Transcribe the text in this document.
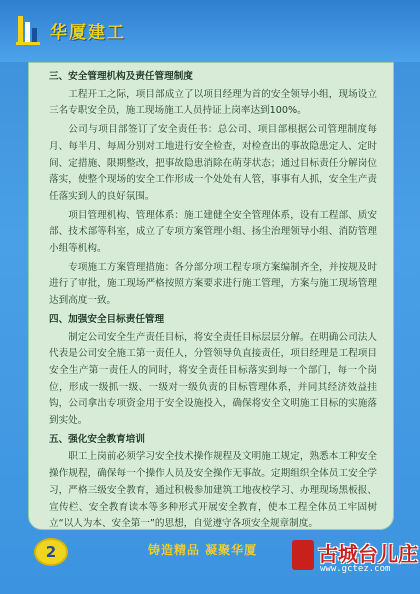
华厦建工
三、安全管理机构及责任管理制度

工程开工之际，项目部成立了以项目经理为首的安全领导小组，现场设立三名专职安全员，施工现场施工人员持证上岗率达到100%。

公司与项目部签订了安全责任书：总公司、项目部根据公司管理制度每月、每半月、每周分别对工地进行安全检查，对检查出的事故隐患定人、定时间、定措施、限期整改，把事故隐患消除在萌芽状态；通过目标责任分解岗位落实，使整个现场的安全工作形成一个处处有人管，事事有人抓，安全生产责任落实到人的良好氛围。

项目管理机构、管理体系：施工建健全安全管理体系，设有工程部、质安部、技术部等科室，成立了专项方案管理小组、扬尘治理领导小组、消防管理小组等机构。

专项施工方案管理措施：各分部分项工程专项方案编制齐全，并按规及时进行了审批，施工现场严格按照方案要求进行施工管理，方案与施工现场管理达到高度一致。

四、加强安全目标责任管理

制定公司安全生产责任目标，将安全责任目标层层分解。在明确公司法人代表是公司安全施工第一责任人，分管领导负直接责任，项目经理是工程项目安全生产第一责任人的同时，将安全责任目标落实到每一个部门，每一个岗位，形成一级抓一级、一级对一级负责的目标管理体系，并同其经济效益挂钩，公司拿出专项资金用于安全设施投入，确保将安全文明施工目标的实施落到实处。

五、强化安全教育培训

职工上岗前必须学习安全技术操作规程及文明施工规定，熟悉本工种安全操作规程，确保每一个操作人员及安全操作无事故。定期组织全体员工安全学习，严格三级安全教育，通过积极参加建筑工地夜校学习、办理现场黑板报、宣传栏、安全教育读本等多种形式开展安全教育，使本工程全体员工牢固树立“以人为本、安全第一”的思想，自觉遵守各项安全规章制度。

2	铸造精品 凝聚华厦	古城台儿庄
www.gctez.com
